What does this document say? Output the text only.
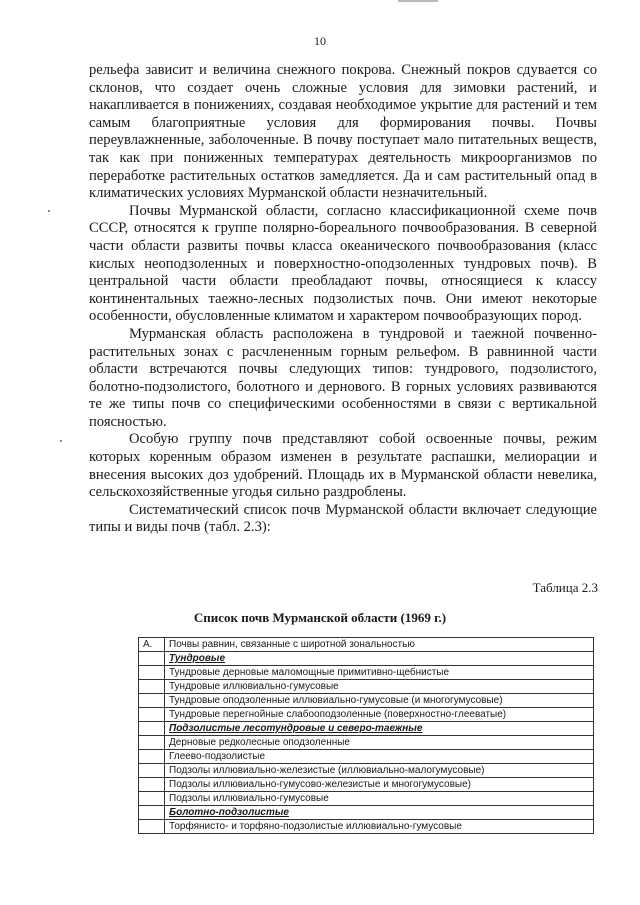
10

рельефа зависит и величина снежного покрова. Снежный покров сдувается со склонов, что создает очень сложные условия для зимовки растений, и накапливается в понижениях, создавая необходимое укрытие для растений и тем самым благоприятные условия для формирования почвы. Почвы переувлажненные, заболоченные. В почву поступает мало питательных веществ, так как при пониженных температурах деятельность микроорганизмов по переработке растительных остатков замедляется. Да и сам растительный опад в климатических условиях Мурманской области незначительный.

Почвы Мурманской области, согласно классификационной схеме почв СССР, относятся к группе полярно-бореального почвообразования. В северной части области развиты почвы класса океанического почвообразования (класс кислых неоподзоленных и поверхностно-оподзоленных тундровых почв). В центральной части области преобладают почвы, относящиеся к классу континентальных таежно-лесных подзолистых почв. Они имеют некоторые особенности, обусловленные климатом и характером почвообразующих пород.

Мурманская область расположена в тундровой и таежной почвенно-растительных зонах с расчлененным горным рельефом. В равнинной части области встречаются почвы следующих типов: тундрового, подзолистого, болотно-подзолистого, болотного и дернового. В горных условиях развиваются те же типы почв со специфическими особенностями в связи с вертикальной поясностью.

Особую группу почв представляют собой освоенные почвы, режим которых коренным образом изменен в результате распашки, мелиорации и внесения высоких доз удобрений. Площадь их в Мурманской области невелика, сельскохозяйственные угодья сильно раздроблены.

Систематический список почв Мурманской области включает следующие типы и виды почв (табл. 2.3):

Таблица 2.3
Список почв Мурманской области (1969 г.)
А.	Почвы равнин, связанные с широтной зональностью
	Тундровые
	Тундровые дерновые маломощные примитивно-щебнистые
	Тундровые иллювиально-гумусовые
	Тундровые оподзоленные иллювиально-гумусовые (и многогумусовые)
	Тундровые перегнойные слабооподзоленные (поверхностно-глееватые)
	Подзолистые лесотундровые и северо-таежные
	Дерновые редколесные оподзоленные
	Глеево-подзолистые
	Подзолы иллювиально-железистые (иллювиально-малогумусовые)
	Подзолы иллювиально-гумусово-железистые и многогумусовые)
	Подзолы иллювиально-гумусовые
	Болотно-подзолистые
	Торфянисто- и торфяно-подзолистые иллювиально-гумусовые
